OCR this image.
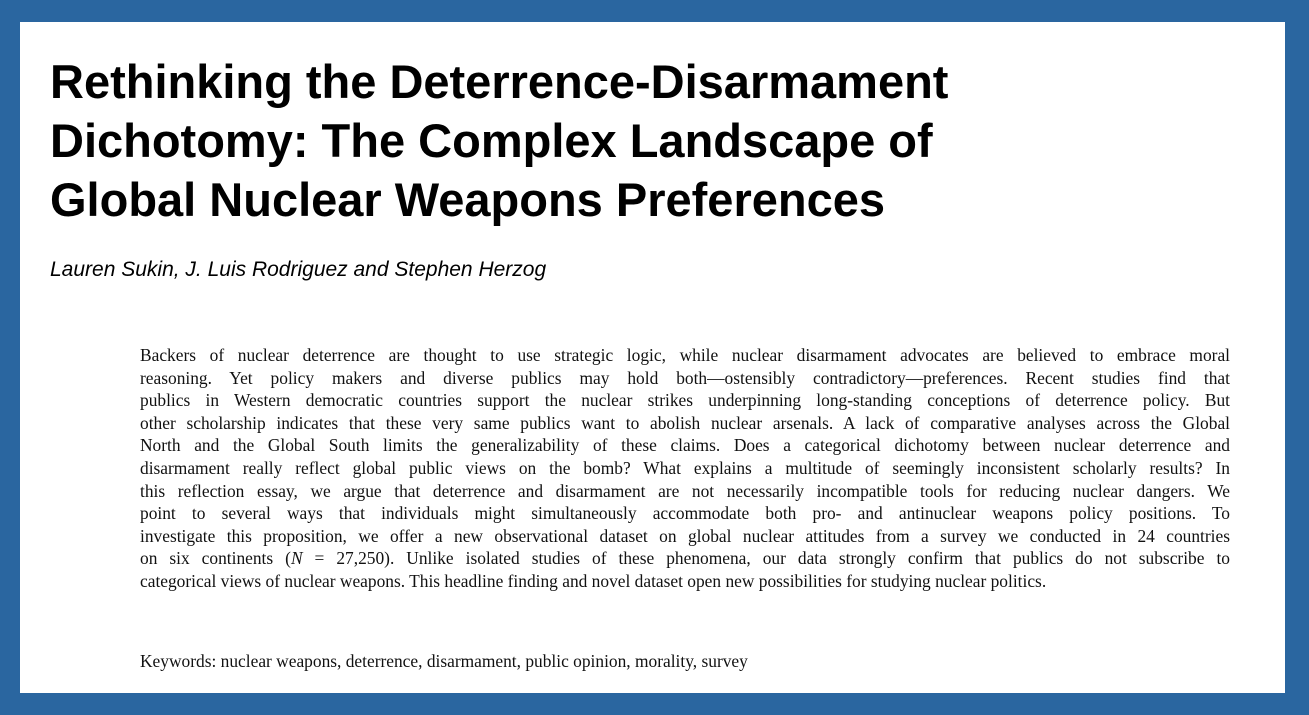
Rethinking the Deterrence-Disarmament
Dichotomy: The Complex Landscape of
Global Nuclear Weapons Preferences
Lauren Sukin, J. Luis Rodriguez and Stephen Herzog
Backers of nuclear deterrence are thought to use strategic logic, while nuclear disarmament advocates are believed to embrace moral
reasoning. Yet policy makers and diverse publics may hold both—ostensibly contradictory—preferences. Recent studies find that
publics in Western democratic countries support the nuclear strikes underpinning long-standing conceptions of deterrence policy. But
other scholarship indicates that these very same publics want to abolish nuclear arsenals. A lack of comparative analyses across the Global
North and the Global South limits the generalizability of these claims. Does a categorical dichotomy between nuclear deterrence and
disarmament really reflect global public views on the bomb? What explains a multitude of seemingly inconsistent scholarly results? In
this reflection essay, we argue that deterrence and disarmament are not necessarily incompatible tools for reducing nuclear dangers. We
point to several ways that individuals might simultaneously accommodate both pro- and antinuclear weapons policy positions. To
investigate this proposition, we offer a new observational dataset on global nuclear attitudes from a survey we conducted in 24 countries
on six continents (N = 27,250). Unlike isolated studies of these phenomena, our data strongly confirm that publics do not subscribe to
categorical views of nuclear weapons. This headline finding and novel dataset open new possibilities for studying nuclear politics.
Keywords: nuclear weapons, deterrence, disarmament, public opinion, morality, survey
